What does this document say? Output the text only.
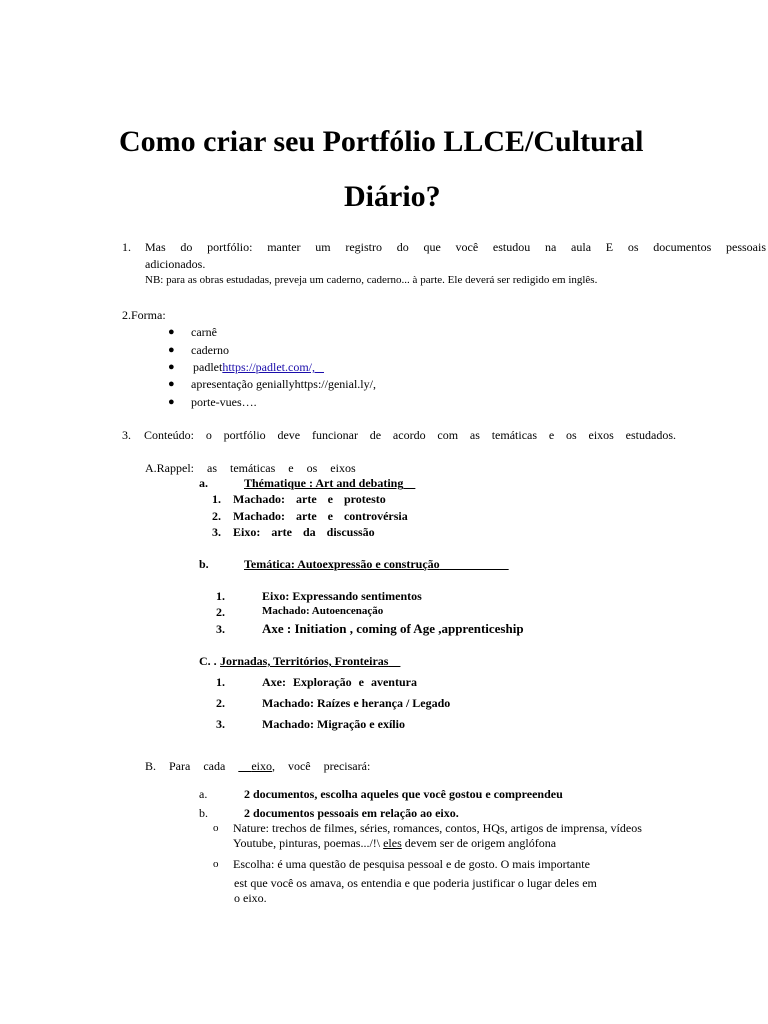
Como criar seu Portfólio LLCE/Cultural
Diário?
1. Mas do portfólio: manter um registro do que você estudou na aula E os documentos pessoais
adicionados.
NB: para as obras estudadas, preveja um caderno, caderno... à parte. Ele deverá ser redigido em inglês.
2.Forma:
● carnê
● caderno
● padlethttps://padlet.com/,
● apresentação geniallyhttps://genial.ly/,
● porte-vues….
3. Conteúdo: o portfólio deve funcionar de acordo com as temáticas e os eixos estudados.
A.Rappel: as temáticas e os eixos
a.	Thématique : Art and debating
1. Machado: arte e protesto
2. Machado: arte e controvérsia
3. Eixo: arte da discussão
b.	Temática: Autoexpressão e construção
1.	Eixo: Expressando sentimentos
2.	Machado: Autoencenação
3.	Axe : Initiation , coming of Age ,apprenticeship
C. . Jornadas, Territórios, Fronteiras
1.	Axe: Exploração e aventura
2.	Machado: Raízes e herança / Legado
3.	Machado: Migração e exílio
B. Para cada eixo, você precisará:
a.	2 documentos, escolha aqueles que você gostou e compreendeu
b.	2 documentos pessoais em relação ao eixo.
o Nature: trechos de filmes, séries, romances, contos, HQs, artigos de imprensa, vídeos
Youtube, pinturas, poemas.../!\ eles devem ser de origem anglófona
o Escolha: é uma questão de pesquisa pessoal e de gosto. O mais importante
est que você os amava, os entendia e que poderia justificar o lugar deles em
o eixo.
